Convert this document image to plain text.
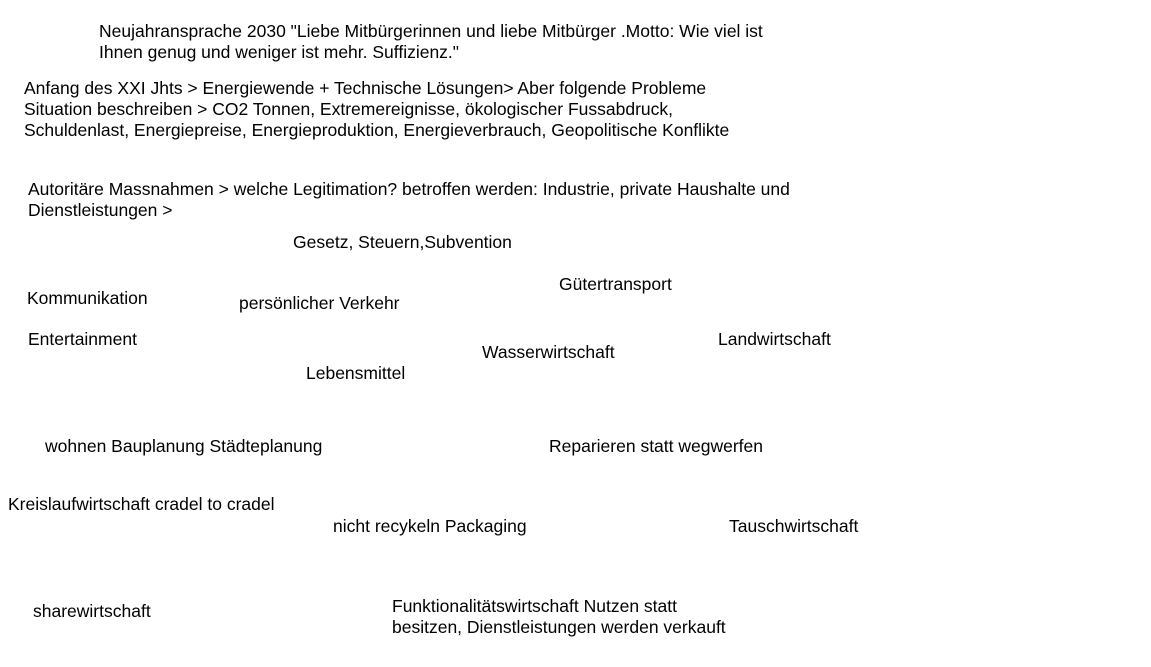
Neujahransprache 2030 "Liebe Mitbürgerinnen und liebe Mitbürger .Motto: Wie viel ist
Ihnen genug und weniger ist mehr. Suffizienz."
Anfang des XXI Jhts > Energiewende + Technische Lösungen> Aber folgende Probleme
Situation beschreiben > CO2 Tonnen, Extremereignisse, ökologischer Fussabdruck,
Schuldenlast, Energiepreise, Energieproduktion, Energieverbrauch, Geopolitische Konflikte
Autoritäre Massnahmen > welche Legitimation? betroffen werden: Industrie, private Haushalte und
Dienstleistungen >
Gesetz, Steuern,Subvention
Gütertransport
Kommunikation	persönlicher Verkehr
Entertainment	Landwirtschaft
Wasserwirtschaft
Lebensmittel
wohnen Bauplanung Städteplanung	Reparieren statt wegwerfen
Kreislaufwirtschaft cradel to cradel
nicht recykeln Packaging	Tauschwirtschaft
sharewirtschaft	Funktionalitätswirtschaft Nutzen statt
besitzen, Dienstleistungen werden verkauft
